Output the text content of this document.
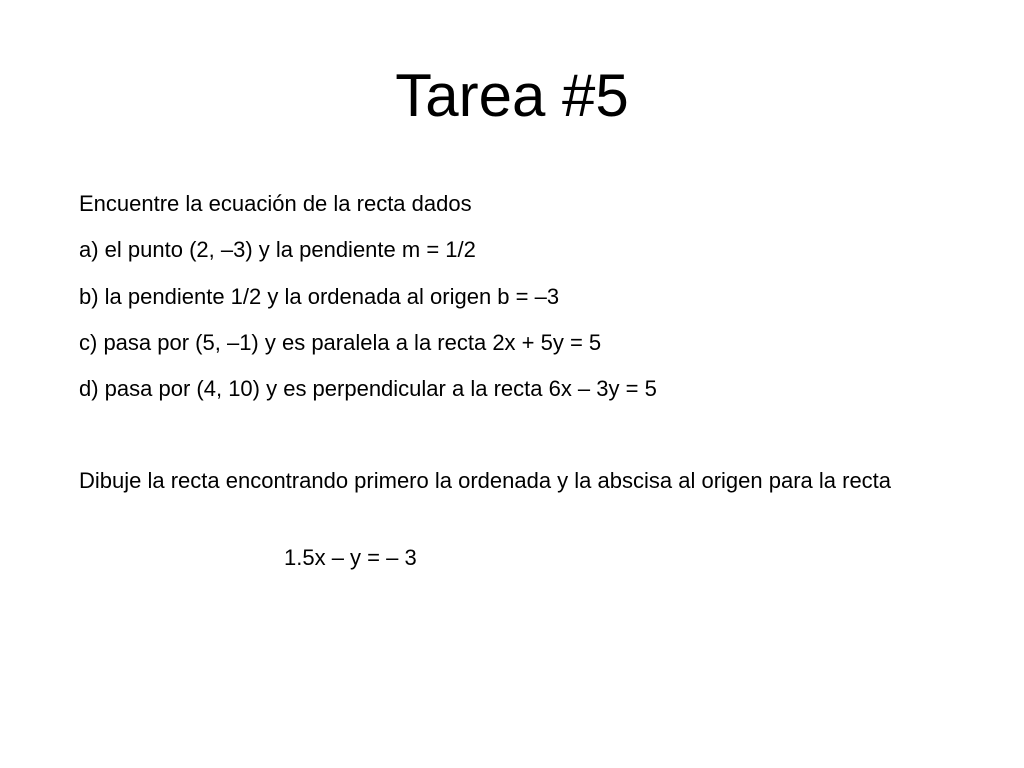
Tarea #5

Encuentre la ecuación de la recta dados

a) el punto (2, –3) y la pendiente m = 1/2

b) la pendiente 1/2 y la ordenada al origen b = –3

c) pasa por (5, –1) y es paralela a la recta 2x + 5y = 5

d) pasa por (4, 10) y es perpendicular a la recta 6x – 3y = 5

Dibuje la recta encontrando primero la ordenada y la abscisa al origen para la recta

1.5x – y = – 3
